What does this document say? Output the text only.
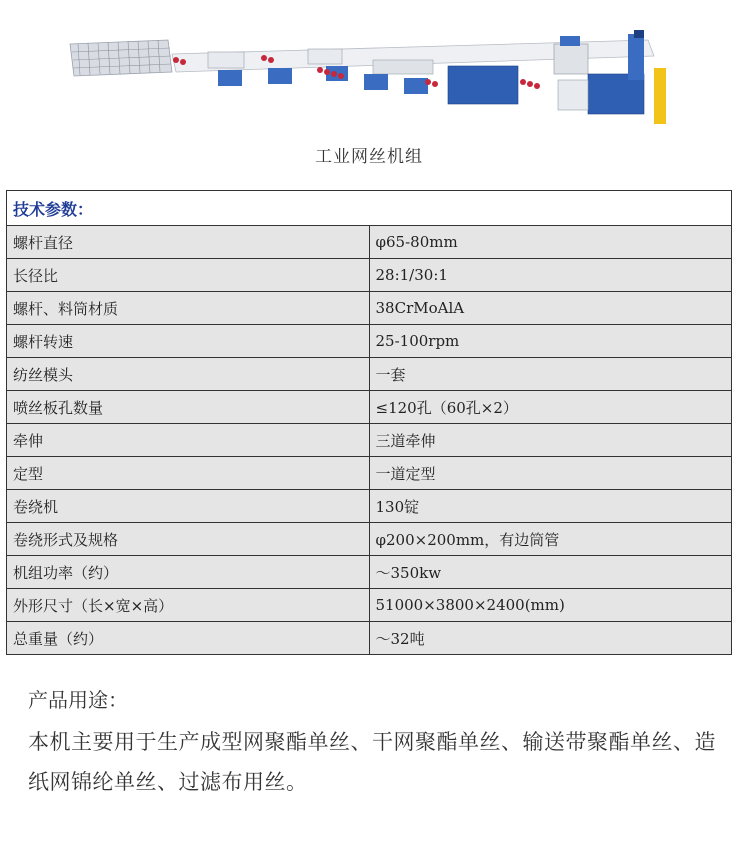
工业网丝机组
技术参数：	
螺杆直径	φ65-80mm
长径比	28:1/30:1
螺杆、料筒材质	38CrMoAlA
螺杆转速	25-100rpm
纺丝模头	一套
喷丝板孔数量	≤120孔（60孔×2）
牵伸	三道牵伸
定型	一道定型
卷绕机	130锭
卷绕形式及规格	φ200×200mm，有边筒管
机组功率（约）	～350kw
外形尺寸（长×宽×高）	51000×3800×2400(mm)
总重量（约）	～32吨
产品用途：
本机主要用于生产成型网聚酯单丝、干网聚酯单丝、输送带聚酯单丝、造纸网锦纶单丝、过滤布用丝。
